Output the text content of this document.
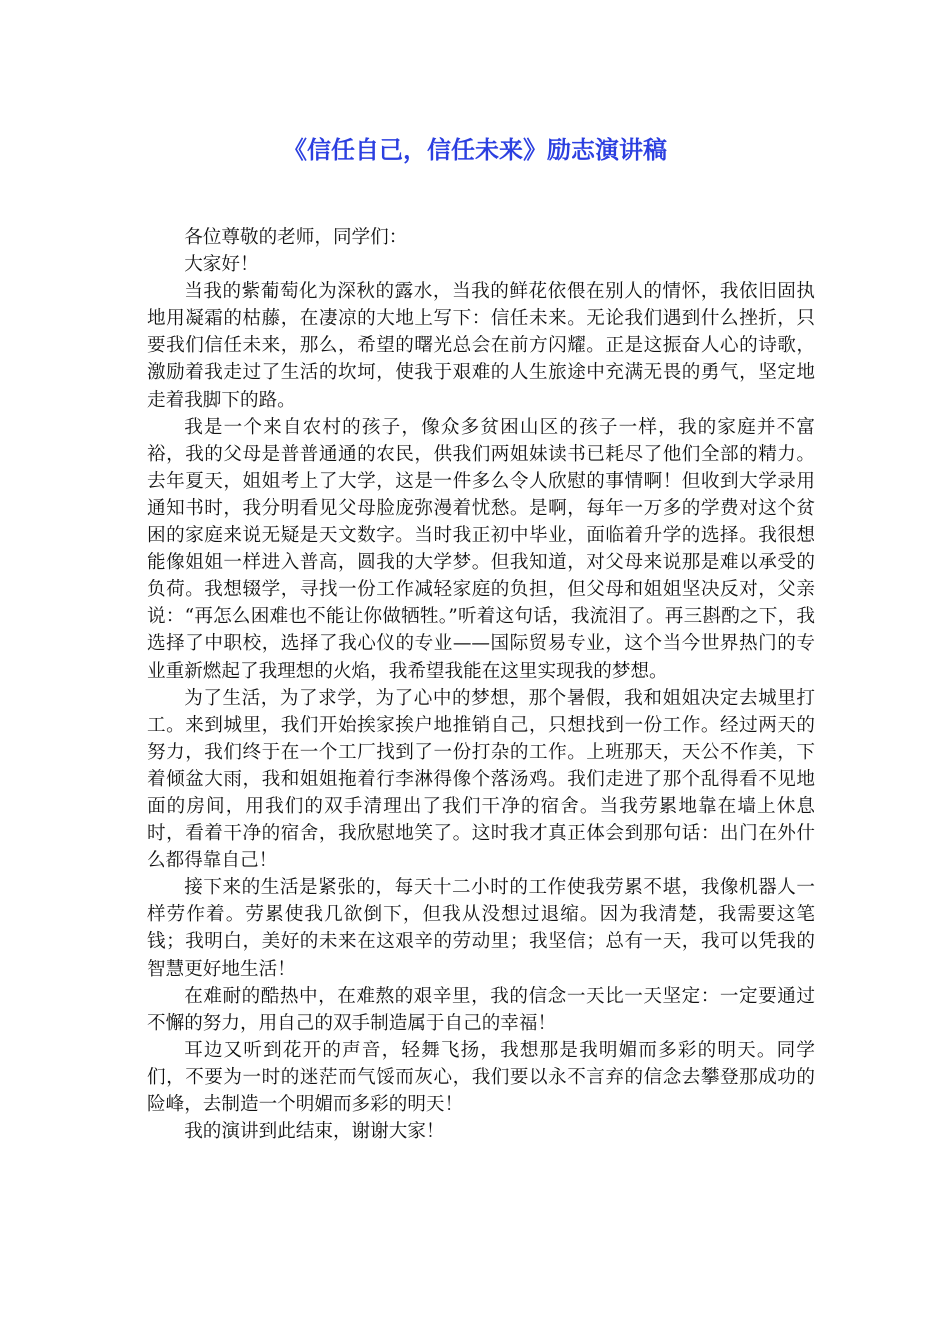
《信任自己，信任未来》励志演讲稿

各位尊敬的老师，同学们：

大家好！

当我的紫葡萄化为深秋的露水，当我的鲜花依偎在别人的情怀，我依旧固执地用凝霜的枯藤，在凄凉的大地上写下：信任未来。无论我们遇到什么挫折，只要我们信任未来，那么，希望的曙光总会在前方闪耀。正是这振奋人心的诗歌，激励着我走过了生活的坎坷，使我于艰难的人生旅途中充满无畏的勇气，坚定地走着我脚下的路。

我是一个来自农村的孩子，像众多贫困山区的孩子一样，我的家庭并不富裕，我的父母是普普通通的农民，供我们两姐妹读书已耗尽了他们全部的精力。去年夏天，姐姐考上了大学，这是一件多么令人欣慰的事情啊！但收到大学录用通知书时，我分明看见父母脸庞弥漫着忧愁。是啊，每年一万多的学费对这个贫困的家庭来说无疑是天文数字。当时我正初中毕业，面临着升学的选择。我很想能像姐姐一样进入普高，圆我的大学梦。但我知道，对父母来说那是难以承受的负荷。我想辍学，寻找一份工作减轻家庭的负担，但父母和姐姐坚决反对，父亲说：“再怎么困难也不能让你做牺牲。”听着这句话，我流泪了。再三斟酌之下，我选择了中职校，选择了我心仪的专业——国际贸易专业，这个当今世界热门的专业重新燃起了我理想的火焰，我希望我能在这里实现我的梦想。

为了生活，为了求学，为了心中的梦想，那个暑假，我和姐姐决定去城里打工。来到城里，我们开始挨家挨户地推销自己，只想找到一份工作。经过两天的努力，我们终于在一个工厂找到了一份打杂的工作。上班那天，天公不作美，下着倾盆大雨，我和姐姐拖着行李淋得像个落汤鸡。我们走进了那个乱得看不见地面的房间，用我们的双手清理出了我们干净的宿舍。当我劳累地靠在墙上休息时，看着干净的宿舍，我欣慰地笑了。这时我才真正体会到那句话：出门在外什么都得靠自己！

接下来的生活是紧张的，每天十二小时的工作使我劳累不堪，我像机器人一样劳作着。劳累使我几欲倒下，但我从没想过退缩。因为我清楚，我需要这笔钱；我明白，美好的未来在这艰辛的劳动里；我坚信；总有一天，我可以凭我的智慧更好地生活！

在难耐的酷热中，在难熬的艰辛里，我的信念一天比一天坚定：一定要通过不懈的努力，用自己的双手制造属于自己的幸福！

耳边又听到花开的声音，轻舞飞扬，我想那是我明媚而多彩的明天。同学们，不要为一时的迷茫而气馁而灰心，我们要以永不言弃的信念去攀登那成功的险峰，去制造一个明媚而多彩的明天！

我的演讲到此结束，谢谢大家！
